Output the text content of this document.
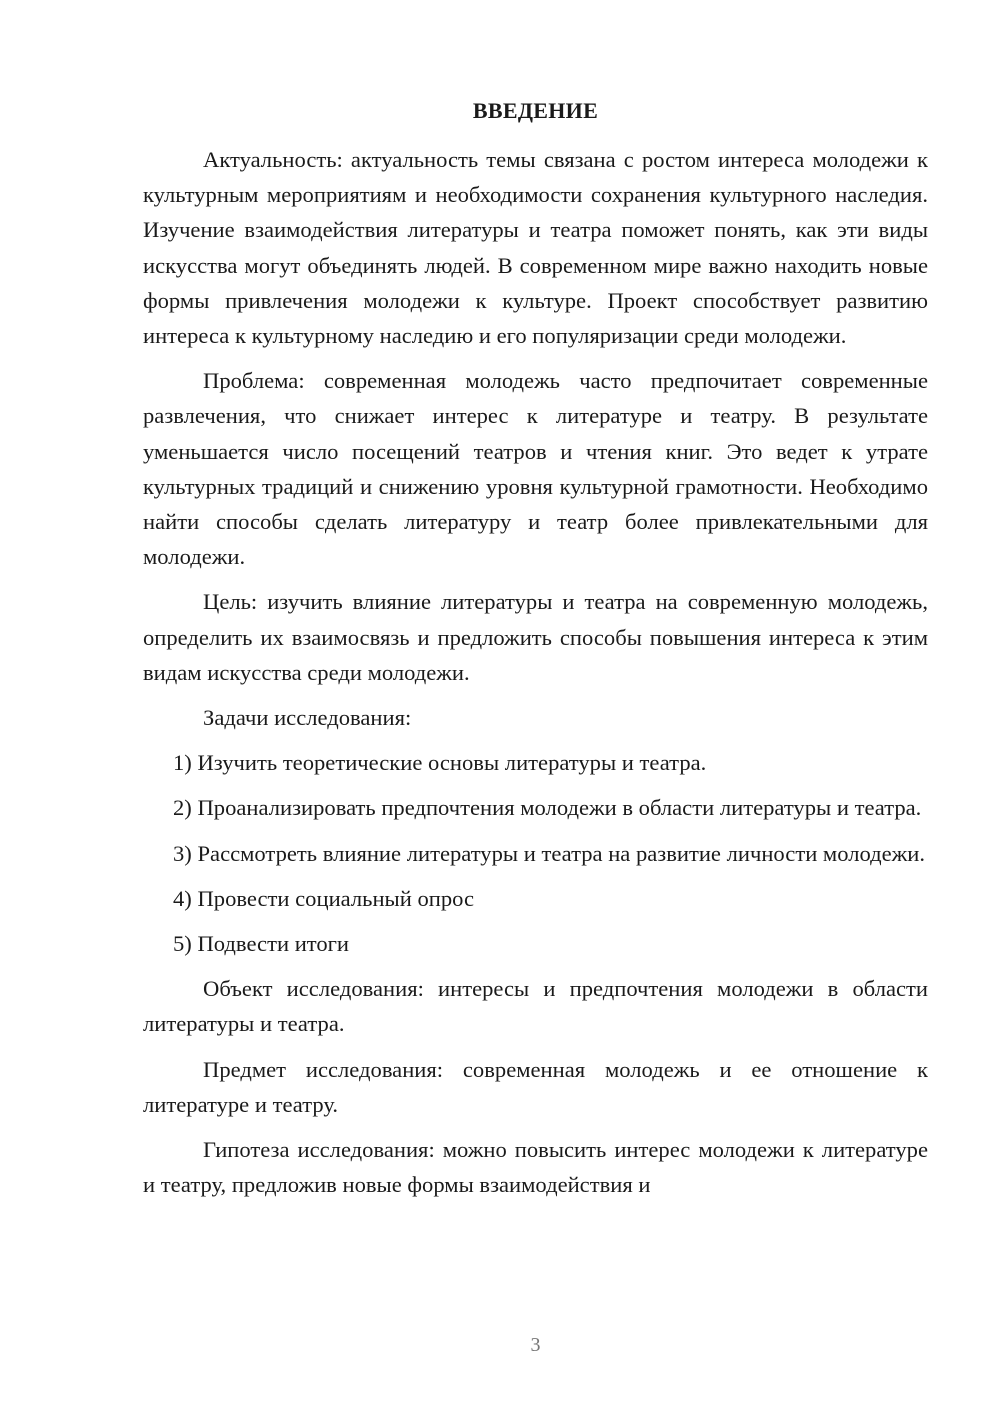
ВВЕДЕНИЕ

Актуальность: актуальность темы связана с ростом интереса молодежи к культурным мероприятиям и необходимости сохранения культурного наследия. Изучение взаимодействия литературы и театра поможет понять, как эти виды искусства могут объединять людей. В современном мире важно находить новые формы привлечения молодежи к культуре. Проект способствует развитию интереса к культурному наследию и его популяризации среди молодежи.

Проблема: современная молодежь часто предпочитает современные развлечения, что снижает интерес к литературе и театру. В результате уменьшается число посещений театров и чтения книг. Это ведет к утрате культурных традиций и снижению уровня культурной грамотности. Необходимо найти способы сделать литературу и театр более привлекательными для молодежи.

Цель: изучить влияние литературы и театра на современную молодежь, определить их взаимосвязь и предложить способы повышения интереса к этим видам искусства среди молодежи.

Задачи исследования:

1) Изучить теоретические основы литературы и театра.

2) Проанализировать предпочтения молодежи в области литературы и театра.

3) Рассмотреть влияние литературы и театра на развитие личности молодежи.

4) Провести социальный опрос

5) Подвести итоги

Объект исследования: интересы и предпочтения молодежи в области литературы и театра.

Предмет исследования: современная молодежь и ее отношение к литературе и театру.

Гипотеза исследования: можно повысить интерес молодежи к литературе и театру, предложив новые формы взаимодействия и

3
